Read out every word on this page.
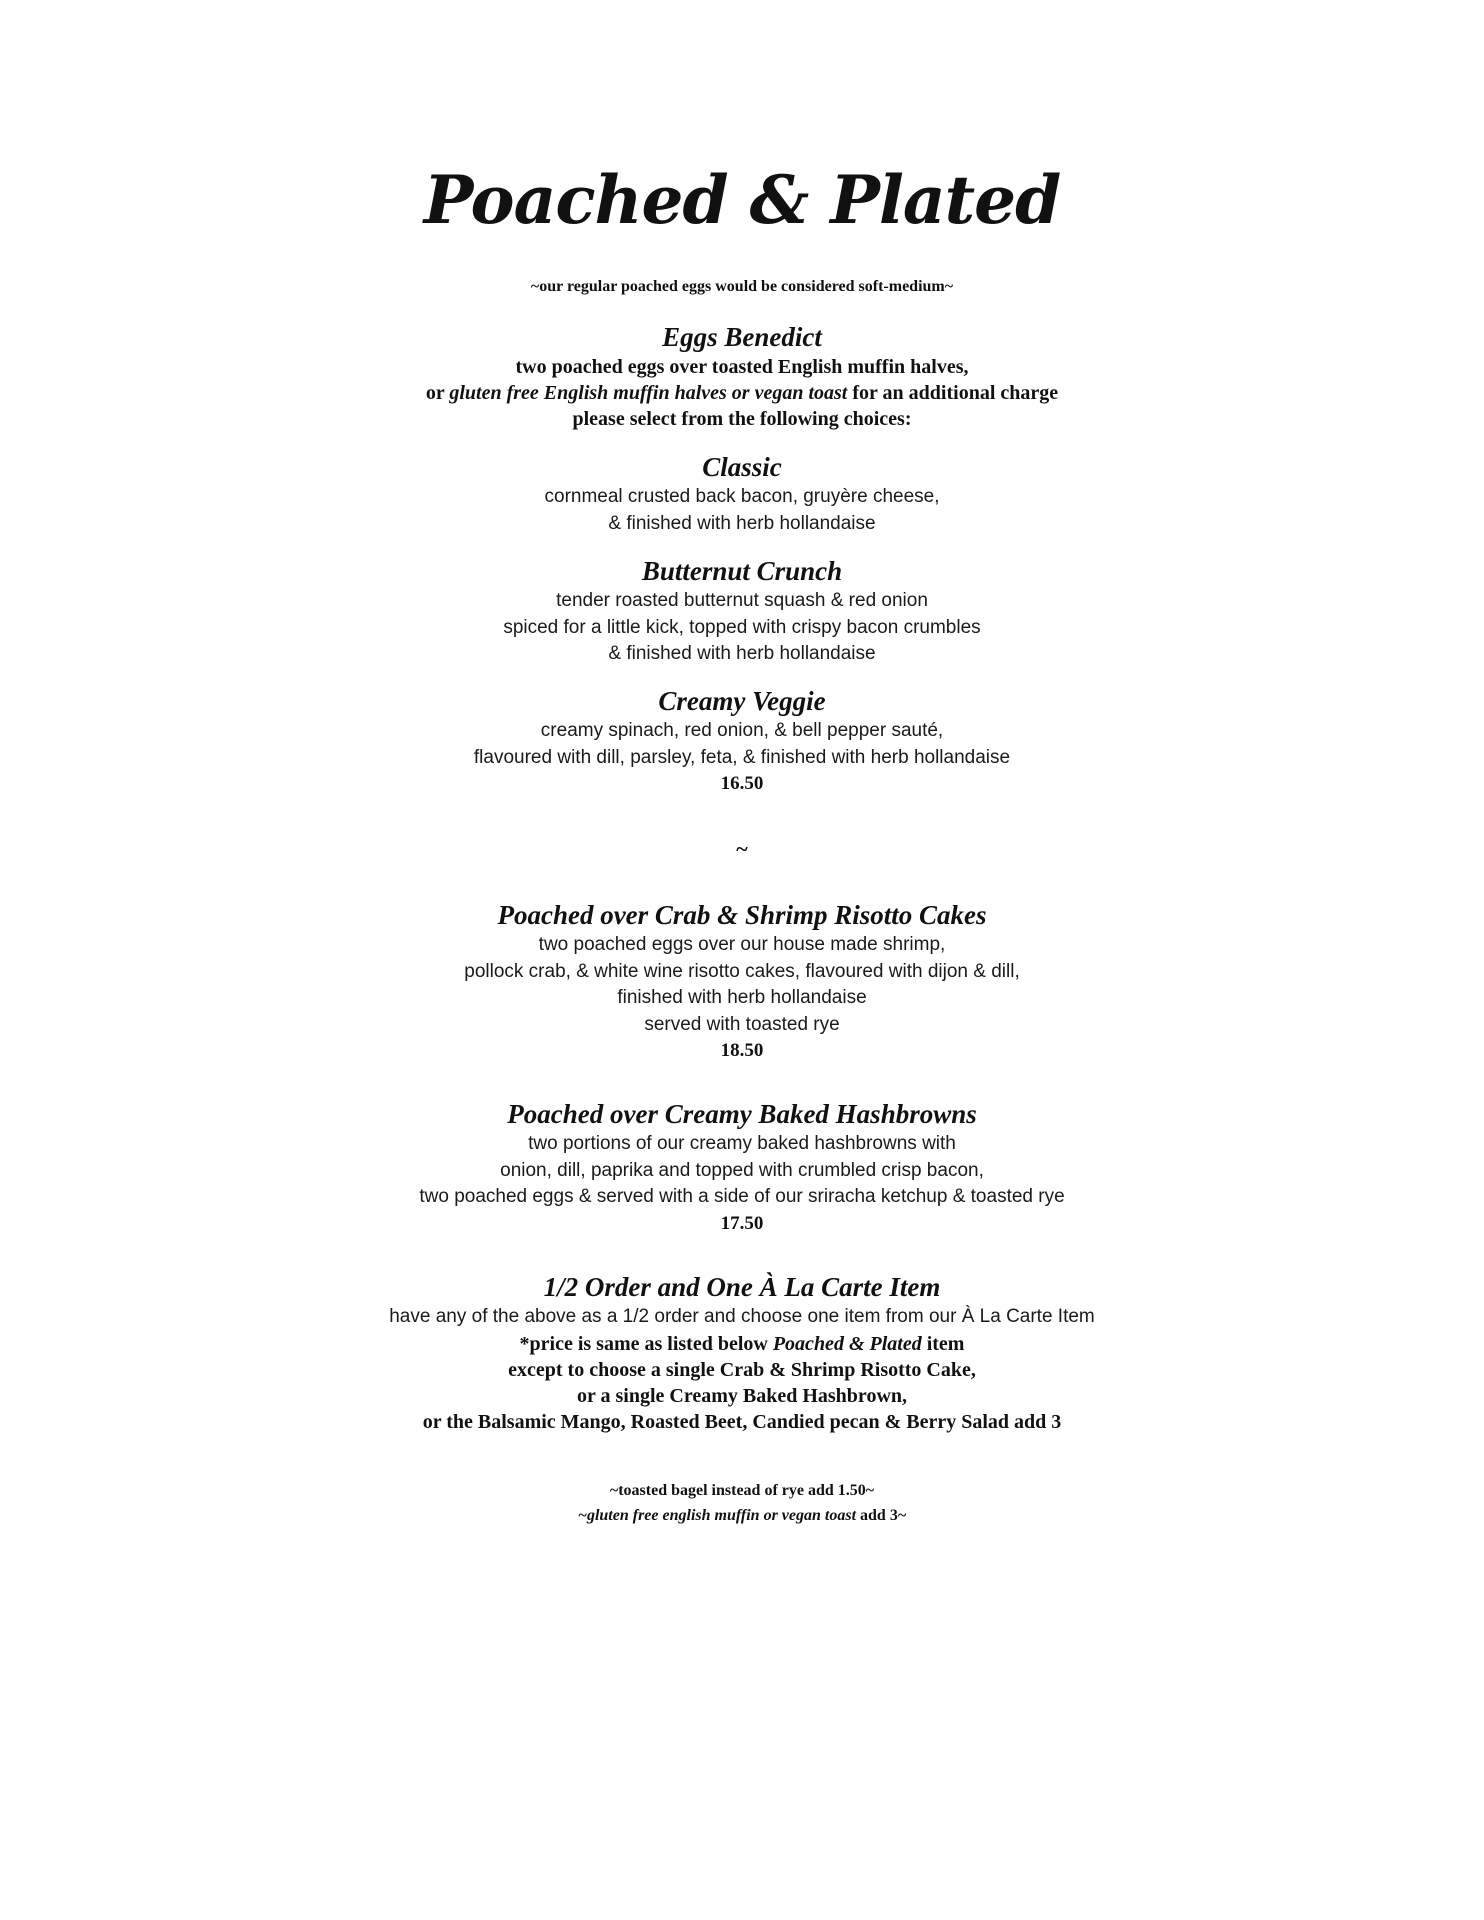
Poached & Plated
~our regular poached eggs would be considered soft-medium~
Eggs Benedict
two poached eggs over toasted English muffin halves,
or gluten free English muffin halves or vegan toast for an additional charge
please select from the following choices:
Classic
cornmeal crusted back bacon, gruyère cheese,
& finished with herb hollandaise
Butternut Crunch
tender roasted butternut squash & red onion
spiced for a little kick, topped with crispy bacon crumbles
& finished with herb hollandaise
Creamy Veggie
creamy spinach, red onion, & bell pepper sauté,
flavoured with dill, parsley, feta, & finished with herb hollandaise
16.50
~
Poached over Crab & Shrimp Risotto Cakes
two poached eggs over our house made shrimp,
pollock crab, & white wine risotto cakes, flavoured with dijon & dill,
finished with herb hollandaise
served with toasted rye
18.50
Poached over Creamy Baked Hashbrowns
two portions of our creamy baked hashbrowns with
onion, dill, paprika and topped with crumbled crisp bacon,
two poached eggs & served with a side of our sriracha ketchup & toasted rye
17.50
1/2 Order and One À La Carte Item
have any of the above as a 1/2 order and choose one item from our À La Carte Item
*price is same as listed below Poached & Plated item
except to choose a single Crab & Shrimp Risotto Cake,
or a single Creamy Baked Hashbrown,
or the Balsamic Mango, Roasted Beet, Candied pecan & Berry Salad add 3
~toasted bagel instead of rye add 1.50~
~gluten free english muffin or vegan toast add 3~
